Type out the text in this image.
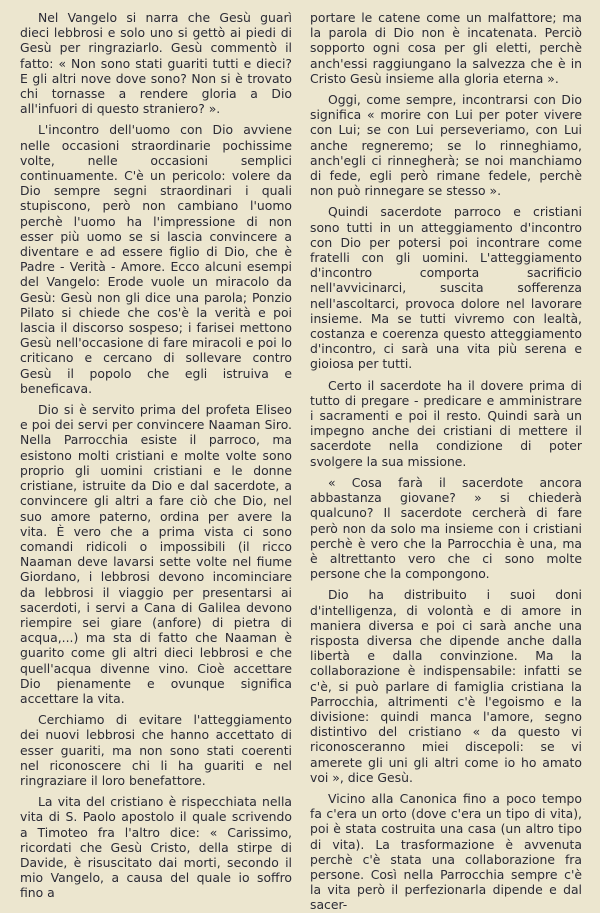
Nel Vangelo si narra che Gesù guarì dieci lebbrosi e solo uno si gettò ai piedi di Gesù per ringraziarlo. Gesù commentò il fatto: « Non sono stati guariti tutti e dieci? E gli altri nove dove sono? Non si è trovato chi tornasse a rendere gloria a Dio all'infuori di questo straniero? ».

L'incontro dell'uomo con Dio avviene nelle occasioni straordinarie pochissime volte, nelle occasioni semplici continuamente. C'è un pericolo: volere da Dio sempre segni straordinari i quali stupiscono, però non cambiano l'uomo perchè l'uomo ha l'impressione di non esser più uomo se si lascia convincere a diventare e ad essere figlio di Dio, che è Padre - Verità - Amore. Ecco alcuni esempi del Vangelo: Erode vuole un miracolo da Gesù: Gesù non gli dice una parola; Ponzio Pilato si chiede che cos'è la verità e poi lascia il discorso sospeso; i farisei mettono Gesù nell'occasione di fare miracoli e poi lo criticano e cercano di sollevare contro Gesù il popolo che egli istruiva e beneficava.

Dio si è servito prima del profeta Eliseo e poi dei servi per convincere Naaman Siro. Nella Parrocchia esiste il parroco, ma esistono molti cristiani e molte volte sono proprio gli uomini cristiani e le donne cristiane, istruite da Dio e dal sacerdote, a convincere gli altri a fare ciò che Dio, nel suo amore paterno, ordina per avere la vita. È vero che a prima vista ci sono comandi ridicoli o impossibili (il ricco Naaman deve lavarsi sette volte nel fiume Giordano, i lebbrosi devono incominciare da lebbrosi il viaggio per presentarsi ai sacerdoti, i servi a Cana di Galilea devono riempire sei giare (anfore) di pietra di acqua,...) ma sta di fatto che Naaman è guarito come gli altri dieci lebbrosi e che quell'acqua divenne vino. Cioè accettare Dio pienamente e ovunque significa accettare la vita.

Cerchiamo di evitare l'atteggiamento dei nuovi lebbrosi che hanno accettato di esser guariti, ma non sono stati coerenti nel riconoscere chi li ha guariti e nel ringraziare il loro benefattore.

La vita del cristiano è rispecchiata nella vita di S. Paolo apostolo il quale scrivendo a Timoteo fra l'altro dice: « Carissimo, ricordati che Gesù Cristo, della stirpe di Davide, è risuscitato dai morti, secondo il mio Vangelo, a causa del quale io soffro fino a

portare le catene come un malfattore; ma la parola di Dio non è incatenata. Perciò sopporto ogni cosa per gli eletti, perchè anch'essi raggiungano la salvezza che è in Cristo Gesù insieme alla gloria eterna ».

Oggi, come sempre, incontrarsi con Dio significa « morire con Lui per poter vivere con Lui; se con Lui perseveriamo, con Lui anche regneremo; se lo rinneghiamo, anch'egli ci rinnegherà; se noi manchiamo di fede, egli però rimane fedele, perchè non può rinnegare se stesso ».

Quindi sacerdote parroco e cristiani sono tutti in un atteggiamento d'incontro con Dio per potersi poi incontrare come fratelli con gli uomini. L'atteggiamento d'incontro comporta sacrificio nell'avvicinarci, suscita sofferenza nell'ascoltarci, provoca dolore nel lavorare insieme. Ma se tutti vivremo con lealtà, costanza e coerenza questo atteggiamento d'incontro, ci sarà una vita più serena e gioiosa per tutti.

Certo il sacerdote ha il dovere prima di tutto di pregare - predicare e amministrare i sacramenti e poi il resto. Quindi sarà un impegno anche dei cristiani di mettere il sacerdote nella condizione di poter svolgere la sua missione.

« Cosa farà il sacerdote ancora abbastanza giovane? » si chiederà qualcuno? Il sacerdote cercherà di fare però non da solo ma insieme con i cristiani perchè è vero che la Parrocchia è una, ma è altrettanto vero che ci sono molte persone che la compongono.

Dio ha distribuito i suoi doni d'intelligenza, di volontà e di amore in maniera diversa e poi ci sarà anche una risposta diversa che dipende anche dalla libertà e dalla convinzione. Ma la collaborazione è indispensabile: infatti se c'è, si può parlare di famiglia cristiana la Parrocchia, altrimenti c'è l'egoismo e la divisione: quindi manca l'amore, segno distintivo del cristiano « da questo vi riconosceranno miei discepoli: se vi amerete gli uni gli altri come io ho amato voi », dice Gesù.

Vicino alla Canonica fino a poco tempo fa c'era un orto (dove c'era un tipo di vita), poi è stata costruita una casa (un altro tipo di vita). La trasformazione è avvenuta perchè c'è stata una collaborazione fra persone. Così nella Parrocchia sempre c'è la vita però il perfezionarla dipende e dal sacer-
